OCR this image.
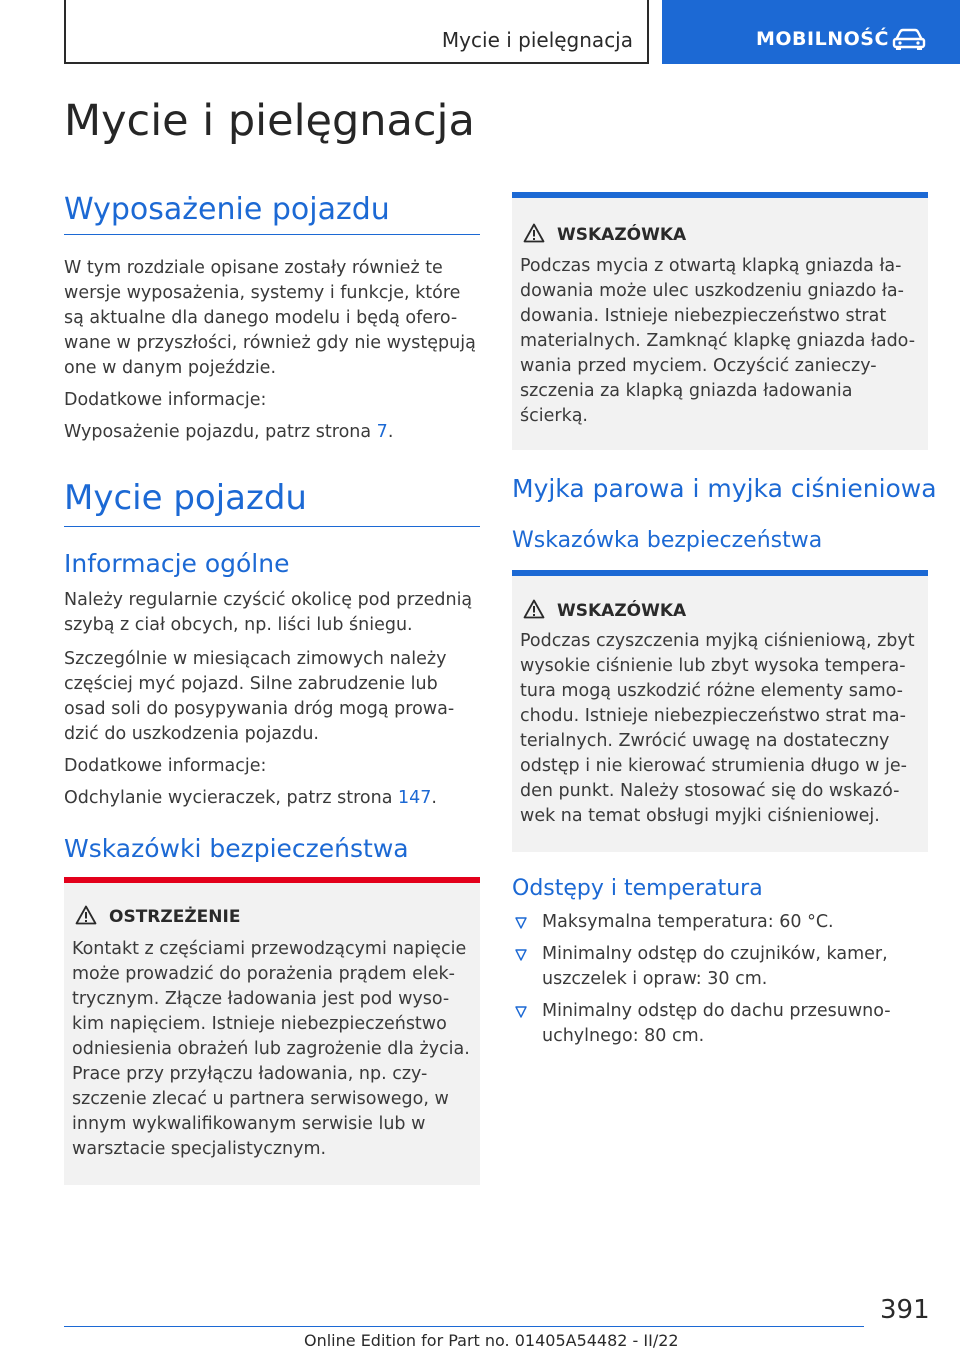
Mycie i pielęgnacja	MOBILNOŚĆ
Mycie i pielęgnacja
Wyposażenie pojazdu
W tym rozdziale opisane zostały również te
wersje wyposażenia, systemy i funkcje, które
są aktualne dla danego modelu i będą ofero-
wane w przyszłości, również gdy nie występują
one w danym pojeździe.
Dodatkowe informacje:
Wyposażenie pojazdu, patrz strona 7.
Mycie pojazdu
Informacje ogólne
Należy regularnie czyścić okolicę pod przednią
szybą z ciał obcych, np. liści lub śniegu.
Szczególnie w miesiącach zimowych należy
częściej myć pojazd. Silne zabrudzenie lub
osad soli do posypywania dróg mogą prowa-
dzić do uszkodzenia pojazdu.
Dodatkowe informacje:
Odchylanie wycieraczek, patrz strona 147.
Wskazówki bezpieczeństwa
OSTRZEŻENIE
Kontakt z częściami przewodzącymi napięcie
może prowadzić do porażenia prądem elek-
trycznym. Złącze ładowania jest pod wyso-
kim napięciem. Istnieje niebezpieczeństwo
odniesienia obrażeń lub zagrożenie dla życia.
Prace przy przyłączu ładowania, np. czy-
szczenie zlecać u partnera serwisowego, w
innym wykwalifikowanym serwisie lub w
warsztacie specjalistycznym.
WSKAZÓWKA
Podczas mycia z otwartą klapką gniazda ła-
dowania może ulec uszkodzeniu gniazdo ła-
dowania. Istnieje niebezpieczeństwo strat
materialnych. Zamknąć klapkę gniazda łado-
wania przed myciem. Oczyścić zanieczy-
szczenia za klapką gniazda ładowania
ścierką.
Myjka parowa i myjka ciśnieniowa
Wskazówka bezpieczeństwa
WSKAZÓWKA
Podczas czyszczenia myjką ciśnieniową, zbyt
wysokie ciśnienie lub zbyt wysoka tempera-
tura mogą uszkodzić różne elementy samo-
chodu. Istnieje niebezpieczeństwo strat ma-
terialnych. Zwrócić uwagę na dostateczny
odstęp i nie kierować strumienia długo w je-
den punkt. Należy stosować się do wskazó-
wek na temat obsługi myjki ciśnieniowej.
Odstępy i temperatura
Maksymalna temperatura: 60 °C.
Minimalny odstęp do czujników, kamer,
uszczelek i opraw: 30 cm.
Minimalny odstęp do dachu przesuwno-
uchylnego: 80 cm.
391
Online Edition for Part no. 01405A54482 - II/22
